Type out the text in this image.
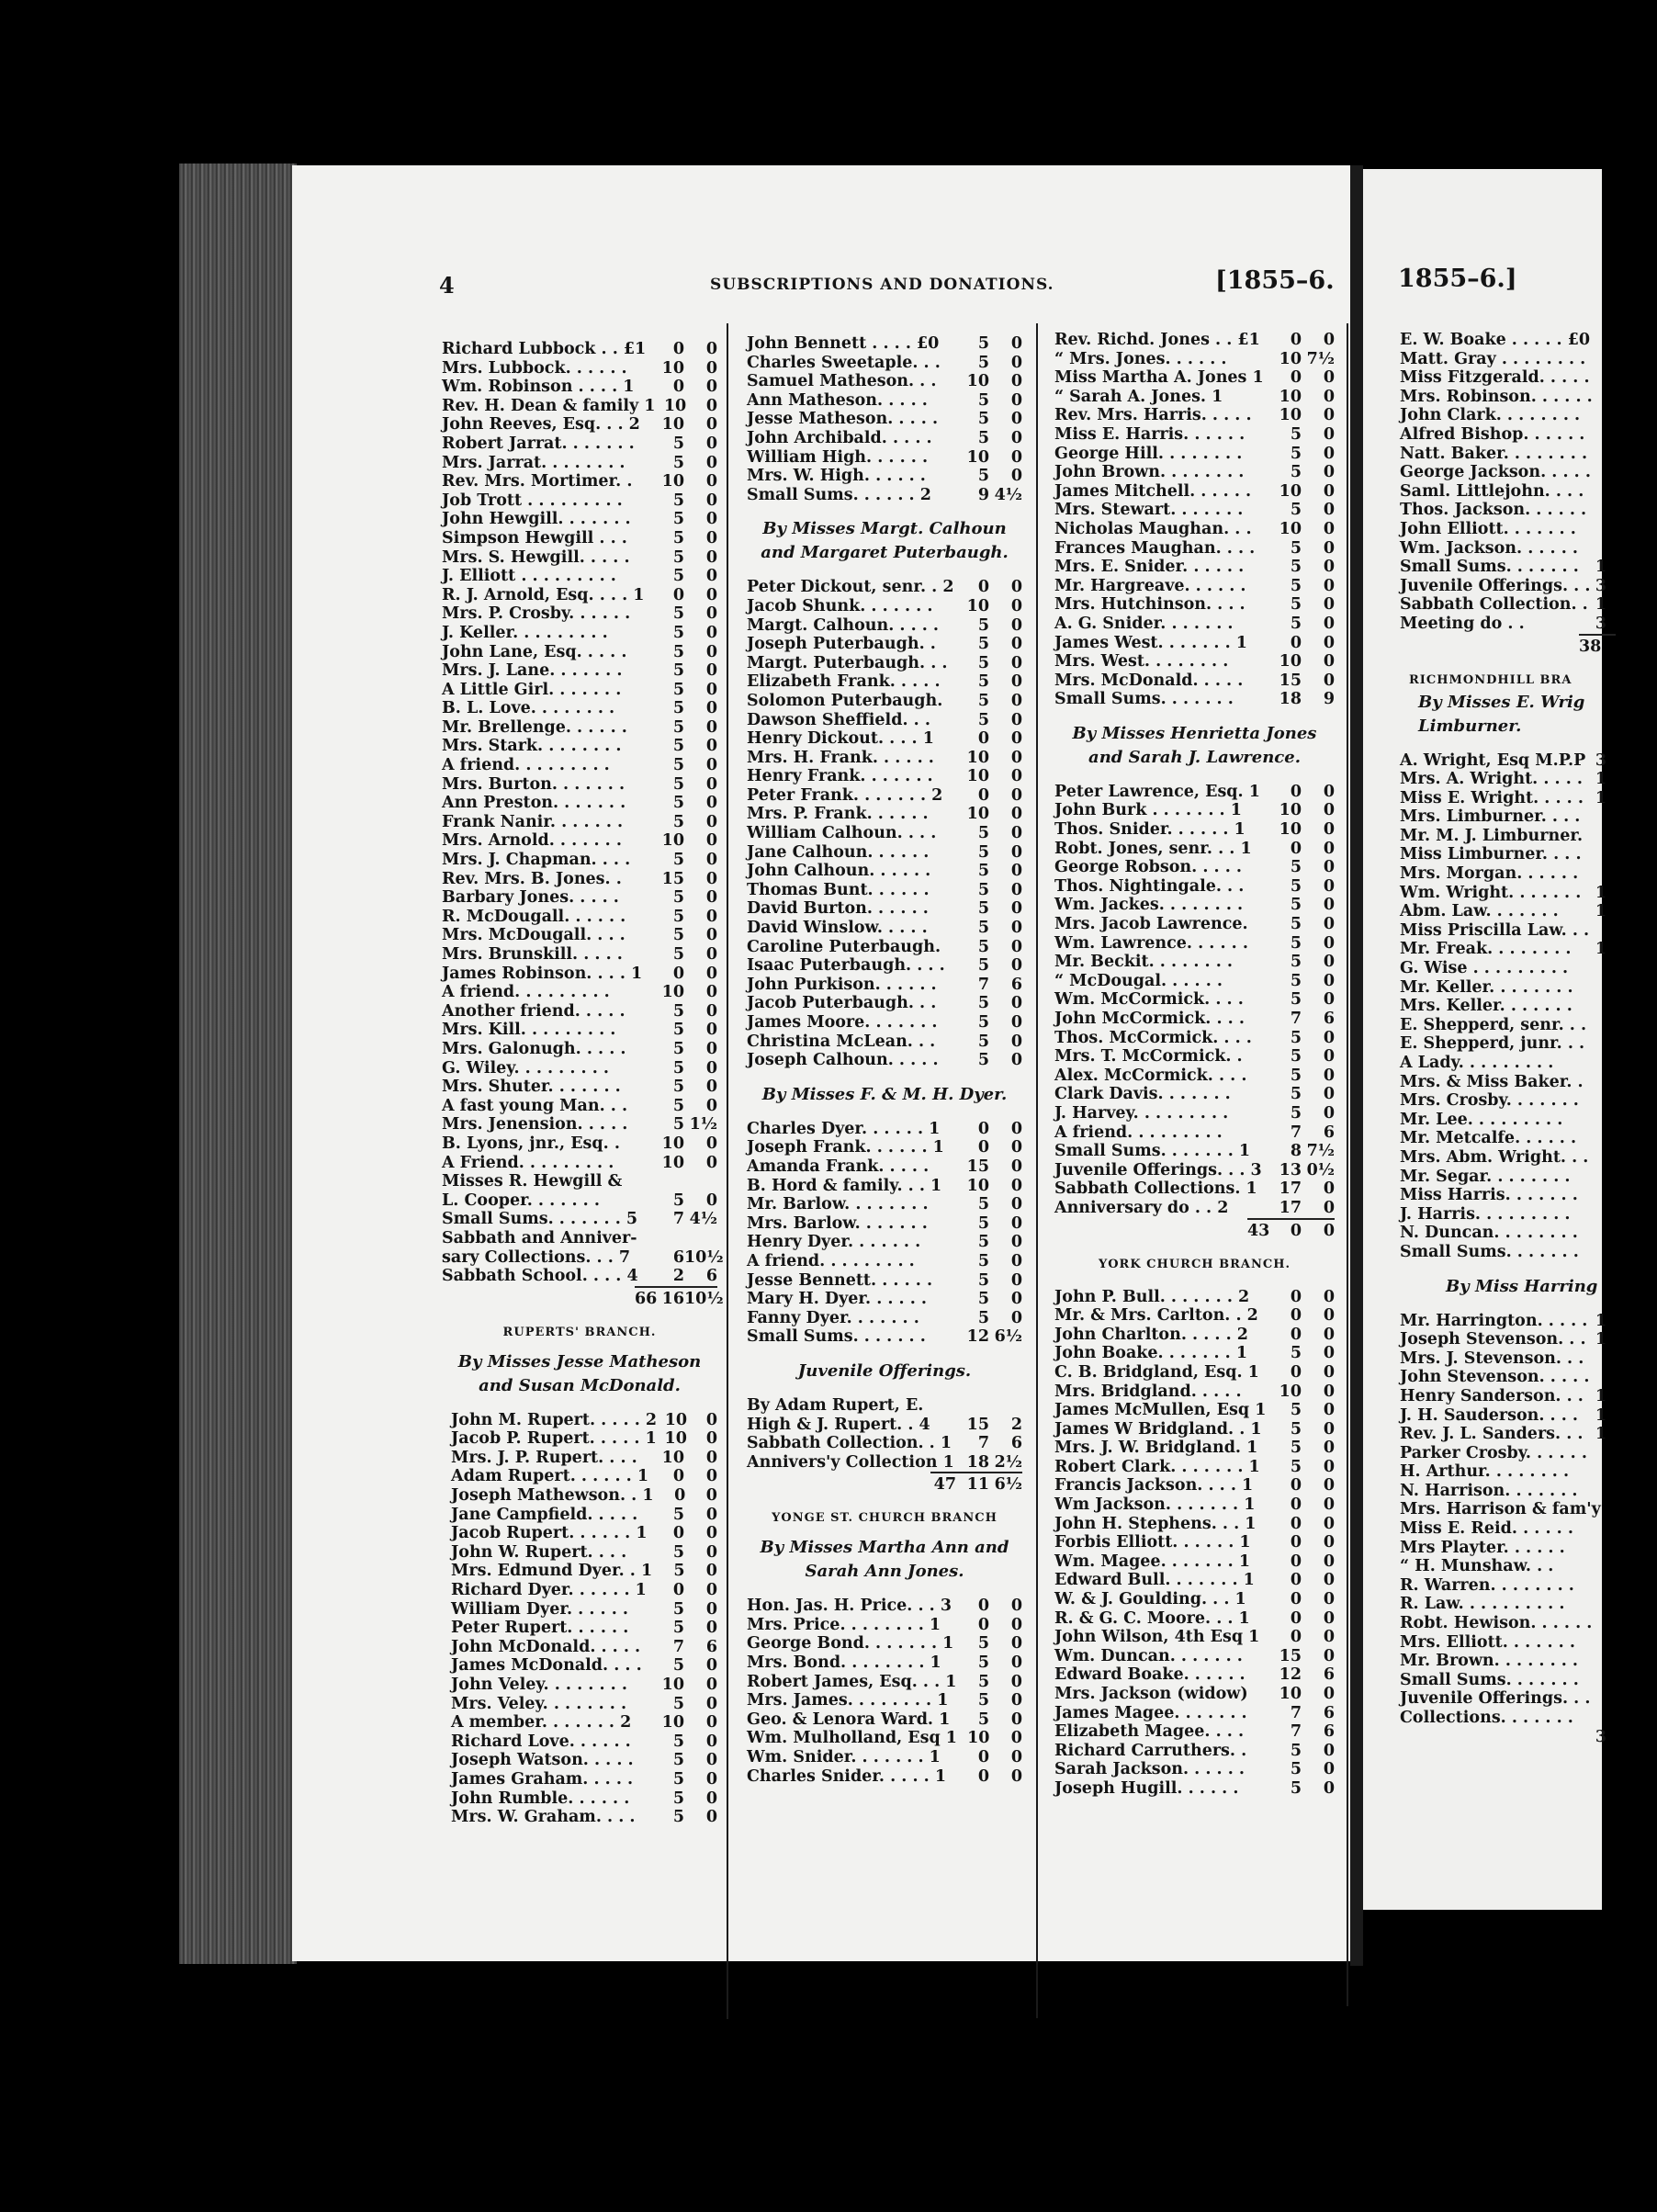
4	SUBSCRIPTIONS AND DONATIONS.	[1855–6.
Richard Lubbock . . £1	0	0
Mrs. Lubbock. . . . . .	10	0
Wm. Robinson . . . . 1	0	0
Rev. H. Dean & family 1 10	0
John Reeves, Esq. . . 2	10	0
Robert Jarrat. . . . . . .	5	0
Mrs. Jarrat. . . . . . . .	5	0
Rev. Mrs. Mortimer. .	10	0
Job Trott . . . . . . . . .	5	0
John Hewgill. . . . . . .	5	0
Simpson Hewgill . . .	5	0
Mrs. S. Hewgill. . . . .	5	0
J. Elliott . . . . . . . . .	5	0
R. J. Arnold, Esq. . . . 1	0	0
Mrs. P. Crosby. . . . . .	5	0
J. Keller. . . . . . . . .	5	0
John Lane, Esq. . . . .	5	0
Mrs. J. Lane. . . . . . .	5	0
A Little Girl. . . . . . .	5	0
B. L. Love. . . . . . . .	5	0
Mr. Brellenge. . . . . .	5	0
Mrs. Stark. . . . . . . .	5	0
A friend. . . . . . . . .	5	0
Mrs. Burton. . . . . . .	5	0
Ann Preston. . . . . . .	5	0
Frank Nanir. . . . . . .	5	0
Mrs. Arnold. . . . . . .	10	0
Mrs. J. Chapman. . . .	5	0
Rev. Mrs. B. Jones. .	15	0
Barbary Jones. . . . .	5	0
R. McDougall. . . . . .	5	0
Mrs. McDougall. . . .	5	0
Mrs. Brunskill. . . . .	5	0
James Robinson. . . . 1	0	0
A friend. . . . . . . . .	10	0
Another friend. . . . .	5	0
Mrs. Kill. . . . . . . . .	5	0
Mrs. Galonugh. . . . .	5	0
G. Wiley. . . . . . . . .	5	0
Mrs. Shuter. . . . . . .	5	0
A fast young Man. . .	5	0
Mrs. Jenension. . . . .	5 1½
B. Lyons, jnr., Esq. .	10	0
A Friend. . . . . . . . .	10	0
Misses R. Hewgill &
L. Cooper. . . . . . .	5	0
Small Sums. . . . . . . 5	7 4½
Sabbath and Anniver-
sary Collections. . . 7	6 10½
Sabbath School. . . . 4	2	6
66 16 10½
RUPERTS' BRANCH.
By Misses Jesse Matheson and Susan McDonald.
John M. Rupert. . . . . 2 10	0
Jacob P. Rupert. . . . . 1 10	0
Mrs. J. P. Rupert. . . .	10	0
Adam Rupert. . . . . . 1	0	0
Joseph Mathewson. . 1	0	0
Jane Campfield. . . . .	5	0
Jacob Rupert. . . . . . 1	0	0
John W. Rupert. . . .	5	0
Mrs. Edmund Dyer. . 1	5	0
Richard Dyer. . . . . . 1	0	0
William Dyer. . . . . .	5	0
Peter Rupert. . . . . .	5	0
John McDonald. . . . .	7	6
James McDonald. . . .	5	0
John Veley. . . . . . . .	10	0
Mrs. Veley. . . . . . . .	5	0
A member. . . . . . . 2	10	0
Richard Love. . . . . .	5	0
Joseph Watson. . . . .	5	0
James Graham. . . . .	5	0
John Rumble. . . . . .	5	0
Mrs. W. Graham. . . .	5	0
John Bennett . . . . £0	5	0
Charles Sweetaple. . .	5	0
Samuel Matheson. . .	10	0
Ann Matheson. . . . .	5	0
Jesse Matheson. . . . .	5	0
John Archibald. . . . .	5	0
William High. . . . . .	10	0
Mrs. W. High. . . . . .	5	0
Small Sums. . . . . . 2	9 4½
By Misses Margt. Calhoun and Margaret Puterbaugh.
Peter Dickout, senr. . 2	0	0
Jacob Shunk. . . . . . .	10	0
Margt. Calhoun. . . . .	5	0
Joseph Puterbaugh. .	5	0
Margt. Puterbaugh. . .	5	0
Elizabeth Frank. . . . .	5	0
Solomon Puterbaugh.	5	0
Dawson Sheffield. . .	5	0
Henry Dickout. . . . 1	0	0
Mrs. H. Frank. . . . . .	10	0
Henry Frank. . . . . . .	10	0
Peter Frank. . . . . . . 2	0	0
Mrs. P. Frank. . . . . .	10	0
William Calhoun. . . .	5	0
Jane Calhoun. . . . . .	5	0
John Calhoun. . . . . .	5	0
Thomas Bunt. . . . . .	5	0
David Burton. . . . . .	5	0
David Winslow. . . . .	5	0
Caroline Puterbaugh.	5	0
Isaac Puterbaugh. . . .	5	0
John Purkison. . . . . .	7	6
Jacob Puterbaugh. . .	5	0
James Moore. . . . . . .	5	0
Christina McLean. . .	5	0
Joseph Calhoun. . . . .	5	0
By Misses F. & M. H. Dyer.
Charles Dyer. . . . . . 1	0	0
Joseph Frank. . . . . . 1	0	0
Amanda Frank. . . . .	15	0
B. Hord & family. . . 1	10	0
Mr. Barlow. . . . . . . .	5	0
Mrs. Barlow. . . . . . .	5	0
Henry Dyer. . . . . . .	5	0
A friend. . . . . . . . .	5	0
Jesse Bennett. . . . . .	5	0
Mary H. Dyer. . . . . .	5	0
Fanny Dyer. . . . . . .	5	0
Small Sums. . . . . . .	12 6½
Juvenile Offerings.
By Adam Rupert, E.
High & J. Rupert. . 4	15	2
Sabbath Collection. . 1	7	6
Annivers'y Collection 1 18 2½
47 11 6½
YONGE ST. CHURCH BRANCH
By Misses Martha Ann and Sarah Ann Jones.
Hon. Jas. H. Price. . . 3	0	0
Mrs. Price. . . . . . . . 1	0	0
George Bond. . . . . . . 1	5	0
Mrs. Bond. . . . . . . . 1	5	0
Robert James, Esq. . . 1	5	0
Mrs. James. . . . . . . . 1	5	0
Geo. & Lenora Ward. 1	5	0
Wm. Mulholland, Esq 1 10	0
Wm. Snider. . . . . . . 1	0	0
Charles Snider. . . . . 1	0	0
Rev. Richd. Jones . . £1	0	0
“ Mrs. Jones. . . . . .	10 7½
Miss Martha A. Jones 1	0	0
“ Sarah A. Jones. 1	10	0
Rev. Mrs. Harris. . . . .	10	0
Miss E. Harris. . . . . .	5	0
George Hill. . . . . . . .	5	0
John Brown. . . . . . . .	5	0
James Mitchell. . . . . .	10	0
Mrs. Stewart. . . . . . .	5	0
Nicholas Maughan. . .	10	0
Frances Maughan. . . .	5	0
Mrs. E. Snider. . . . . .	5	0
Mr. Hargreave. . . . . .	5	0
Mrs. Hutchinson. . . .	5	0
A. G. Snider. . . . . . .	5	0
James West. . . . . . . 1	0	0
Mrs. West. . . . . . . .	10	0
Mrs. McDonald. . . . .	15	0
Small Sums. . . . . . .	18	9
By Misses Henrietta Jones and Sarah J. Lawrence.
Peter Lawrence, Esq. 1	0	0
John Burk . . . . . . . 1	10	0
Thos. Snider. . . . . . 1	10	0
Robt. Jones, senr. . . 1	0	0
George Robson. . . . .	5	0
Thos. Nightingale. . .	5	0
Wm. Jackes. . . . . . . .	5	0
Mrs. Jacob Lawrence.	5	0
Wm. Lawrence. . . . . .	5	0
Mr. Beckit. . . . . . . .	5	0
“ McDougal. . . . . .	5	0
Wm. McCormick. . . .	5	0
John McCormick. . . .	7	6
Thos. McCormick. . . .	5	0
Mrs. T. McCormick. .	5	0
Alex. McCormick. . . .	5	0
Clark Davis. . . . . . .	5	0
J. Harvey. . . . . . . . .	5	0
A friend. . . . . . . . .	7	6
Small Sums. . . . . . . 1	8 7½
Juvenile Offerings. . . 3	13 0½
Sabbath Collections. 1	17	0
Anniversary do . . 2	17	0
43	0	0
YORK CHURCH BRANCH.
John P. Bull. . . . . . . 2	0	0
Mr. & Mrs. Carlton. . 2	0	0
John Charlton. . . . . 2	0	0
John Boake. . . . . . . 1	5	0
C. B. Bridgland, Esq. 1	0	0
Mrs. Bridgland. . . . .	10	0
James McMullen, Esq 1	5	0
James W Bridgland. . 1	5	0
Mrs. J. W. Bridgland. 1	5	0
Robert Clark. . . . . . . 1	5	0
Francis Jackson. . . . 1	0	0
Wm Jackson. . . . . . . 1	0	0
John H. Stephens. . . 1	0	0
Forbis Elliott. . . . . . 1	0	0
Wm. Magee. . . . . . . 1	0	0
Edward Bull. . . . . . . 1	0	0
W. & J. Goulding. . . 1	0	0
R. & G. C. Moore. . . 1	0	0
John Wilson, 4th Esq 1	0	0
Wm. Duncan. . . . . . .	15	0
Edward Boake. . . . . .	12	6
Mrs. Jackson (widow)	10	0
James Magee. . . . . . .	7	6
Elizabeth Magee. . . .	7	6
Richard Carruthers. .	5	0
Sarah Jackson. . . . . .	5	0
Joseph Hugill. . . . . .	5	0
1855–6.]
E. W. Boake . . . . . £0
Matt. Gray . . . . . . . .
Miss Fitzgerald. . . . .
Mrs. Robinson. . . . . .
John Clark. . . . . . . .
Alfred Bishop. . . . . .
Natt. Baker. . . . . . . .
George Jackson. . . . .
Saml. Littlejohn. . . .
Thos. Jackson. . . . . .
John Elliott. . . . . . .
Wm. Jackson. . . . . .
Small Sums. . . . . . .	1
Juvenile Offerings. . . 3
Sabbath Collection. . 1
Meeting do . .	3
38
RICHMONDHILL BRA
By Misses E. Wrig Limburner.
A. Wright, Esq M.P.P 3
Mrs. A. Wright. . . . . 1
Miss E. Wright. . . . . 1
Mrs. Limburner. . . .
Mr. M. J. Limburner.
Miss Limburner. . . .
Mrs. Morgan. . . . . .
Wm. Wright. . . . . . . 1
Abm. Law. . . . . . .	1
Miss Priscilla Law. . .
Mr. Freak. . . . . . . .	1
G. Wise . . . . . . . . .
Mr. Keller. . . . . . . .
Mrs. Keller. . . . . . .
E. Shepperd, senr. . .
E. Shepperd, junr. . .
A Lady. . . . . . . . .
Mrs. & Miss Baker. .
Mrs. Crosby. . . . . . .
Mr. Lee. . . . . . . . .
Mr. Metcalfe. . . . . .
Mrs. Abm. Wright. . .
Mr. Segar. . . . . . . .
Miss Harris. . . . . . .
J. Harris. . . . . . . . .
N. Duncan. . . . . . . .
Small Sums. . . . . . .
By Miss Harring
Mr. Harrington. . . . . 1
Joseph Stevenson. . . 1
Mrs. J. Stevenson. . .
John Stevenson. . . . .
Henry Sanderson. . . 1
J. H. Sauderson. . . .	1
Rev. J. L. Sanders. . . 1
Parker Crosby. . . . . .
H. Arthur. . . . . . . .
N. Harrison. . . . . . .
Mrs. Harrison & fam'y
Miss E. Reid. . . . . .
Mrs Playter. . . . . .
“ H. Munshaw. . .
R. Warren. . . . . . . .
R. Law. . . . . . . . . .
Robt. Hewison. . . . . .
Mrs. Elliott. . . . . . .
Mr. Brown. . . . . . . .
Small Sums. . . . . . .
Juvenile Offerings. . .
Collections. . . . . . .
3
